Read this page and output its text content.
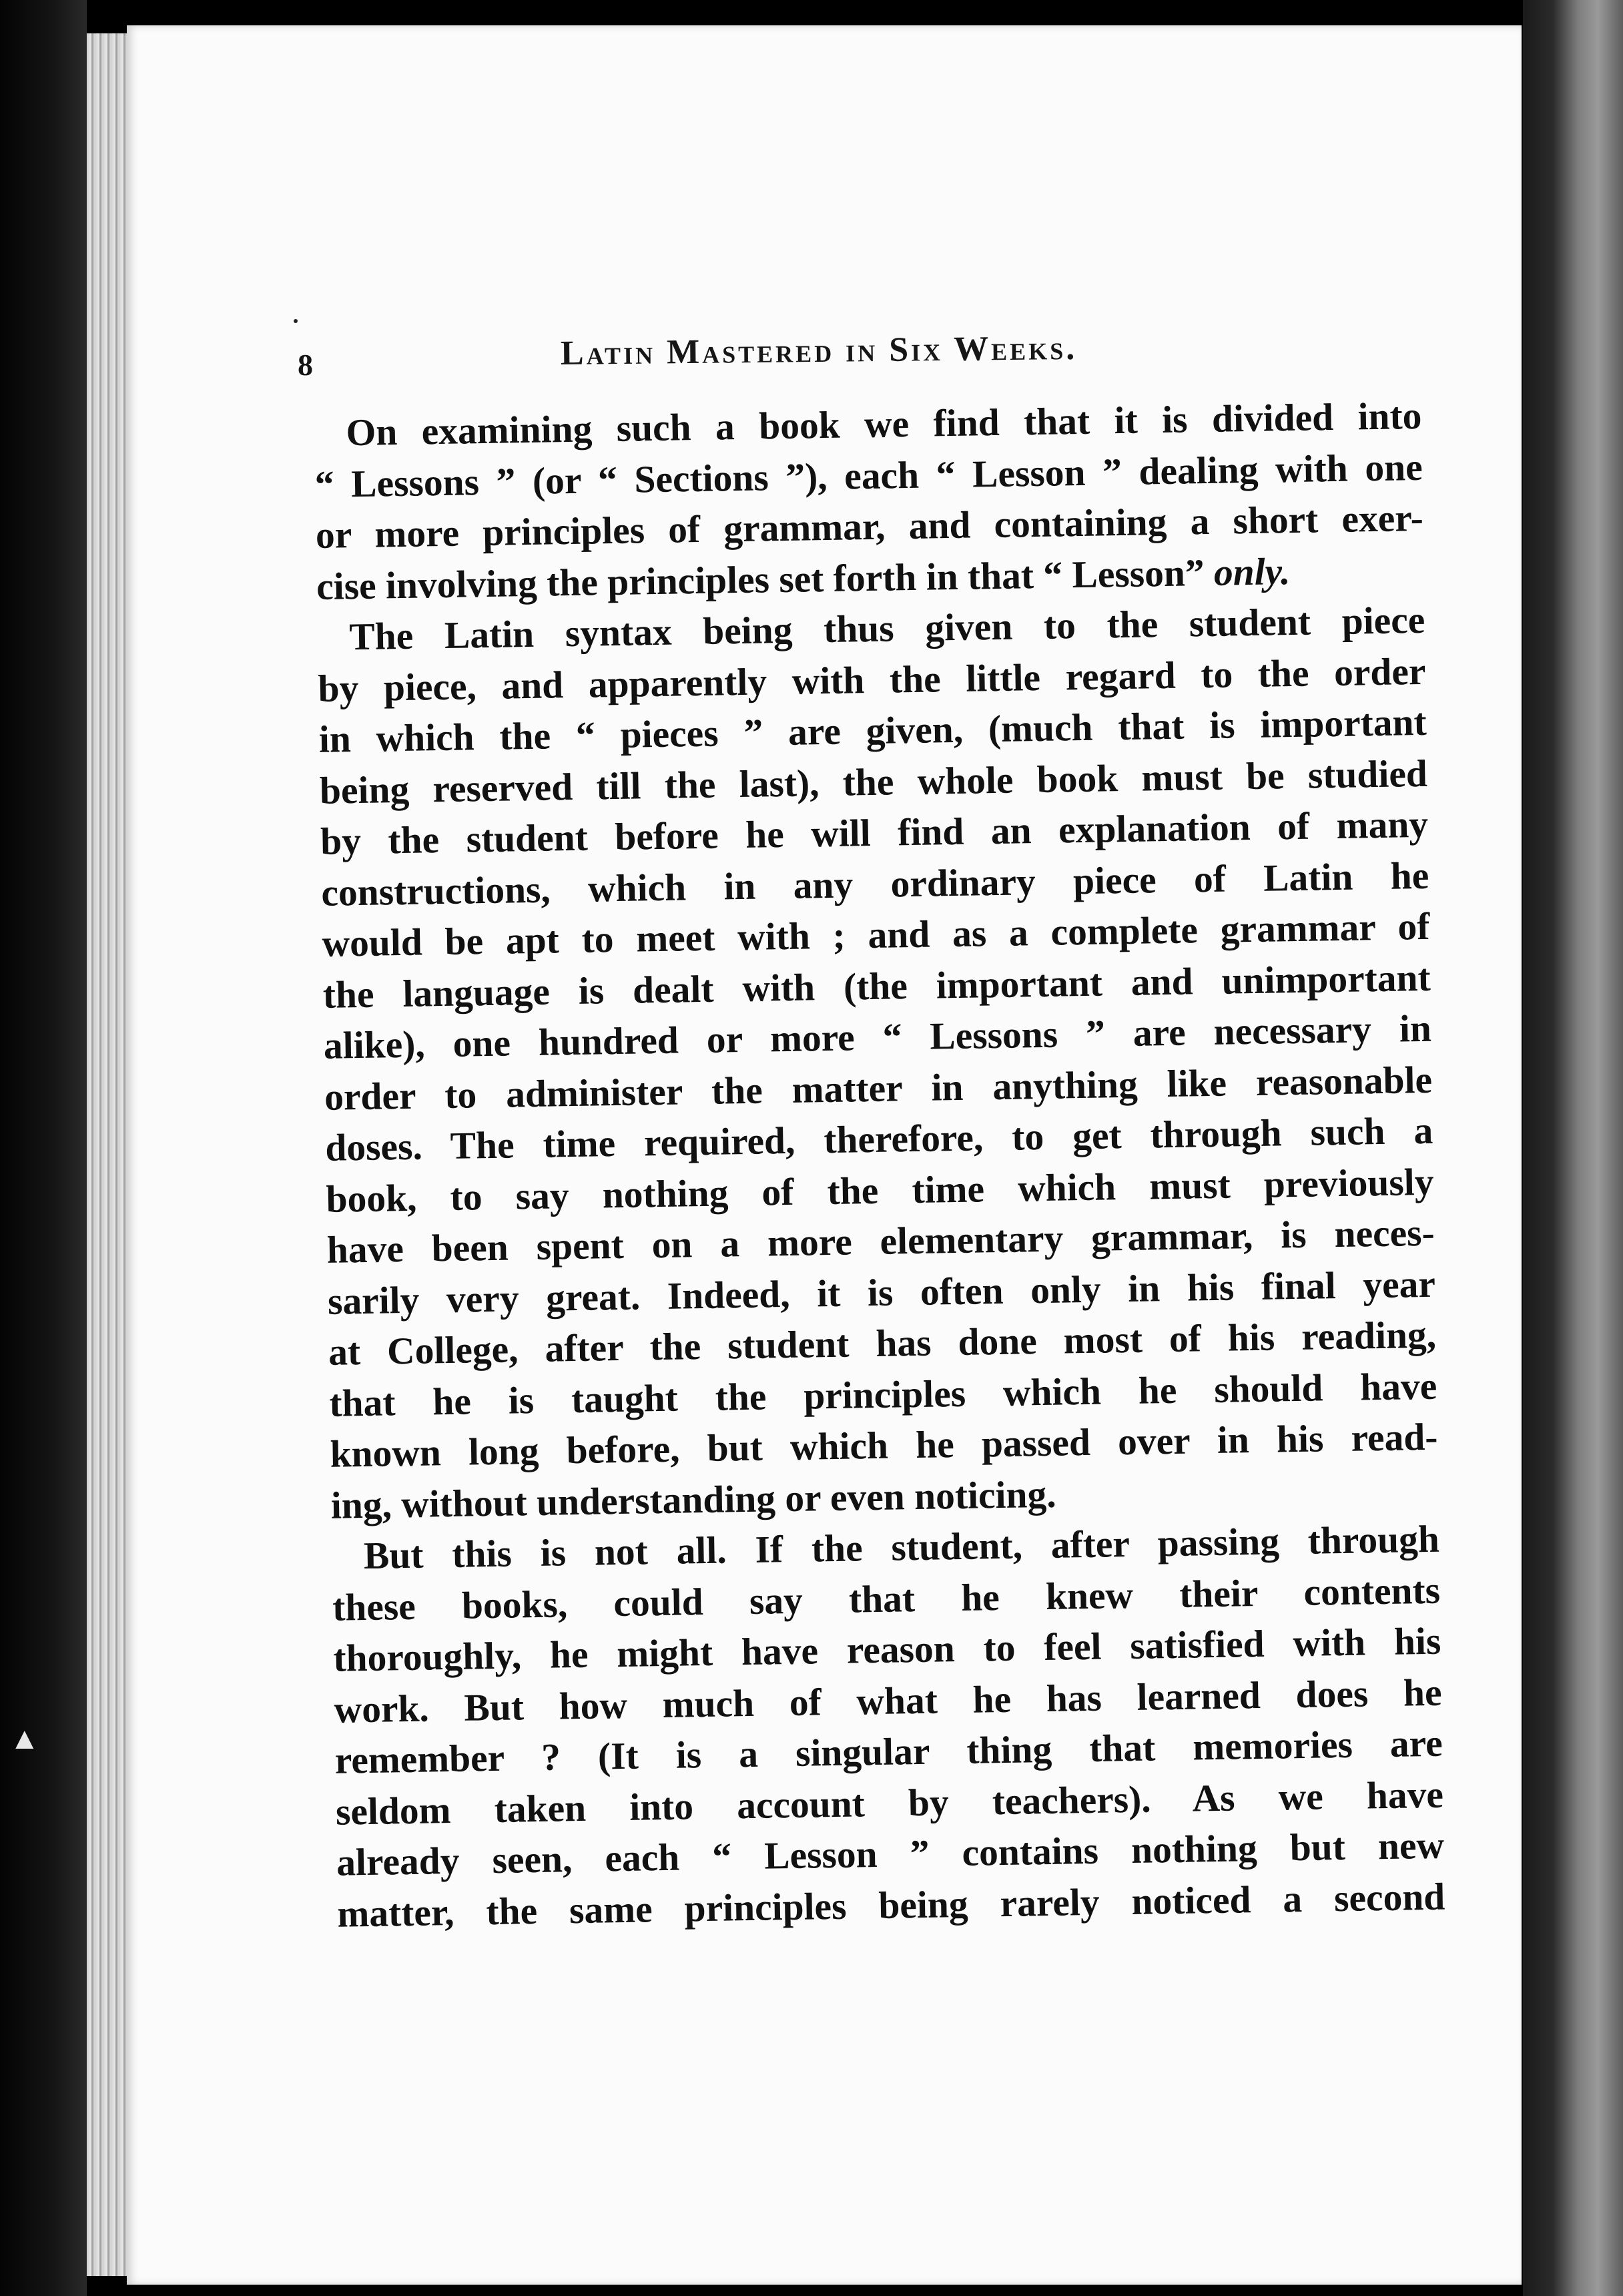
▲
8	Latin Mastered in Six Weeks.
On examining such a book we find that it is divided into
“ Lessons ” (or “ Sections ”), each “ Lesson ” dealing with one
or more principles of grammar, and containing a short exer-
cise involving the principles set forth in that “ Lesson” only.
The Latin syntax being thus given to the student piece
by piece, and apparently with the little regard to the order
in which the “ pieces ” are given, (much that is important
being reserved till the last), the whole book must be studied
by the student before he will find an explanation of many
constructions, which in any ordinary piece of Latin he
would be apt to meet with ; and as a complete grammar of
the language is dealt with (the important and unimportant
alike), one hundred or more “ Lessons ” are necessary in
order to administer the matter in anything like reasonable
doses. The time required, therefore, to get through such a
book, to say nothing of the time which must previously
have been spent on a more elementary grammar, is neces-
sarily very great. Indeed, it is often only in his final year
at College, after the student has done most of his reading,
that he is taught the principles which he should have
known long before, but which he passed over in his read-
ing, without understanding or even noticing.
But this is not all. If the student, after passing through
these books, could say that he knew their contents
thoroughly, he might have reason to feel satisfied with his
work. But how much of what he has learned does he
remember ? (It is a singular thing that memories are
seldom taken into account by teachers). As we have
already seen, each “ Lesson ” contains nothing but new
matter, the same principles being rarely noticed a second
